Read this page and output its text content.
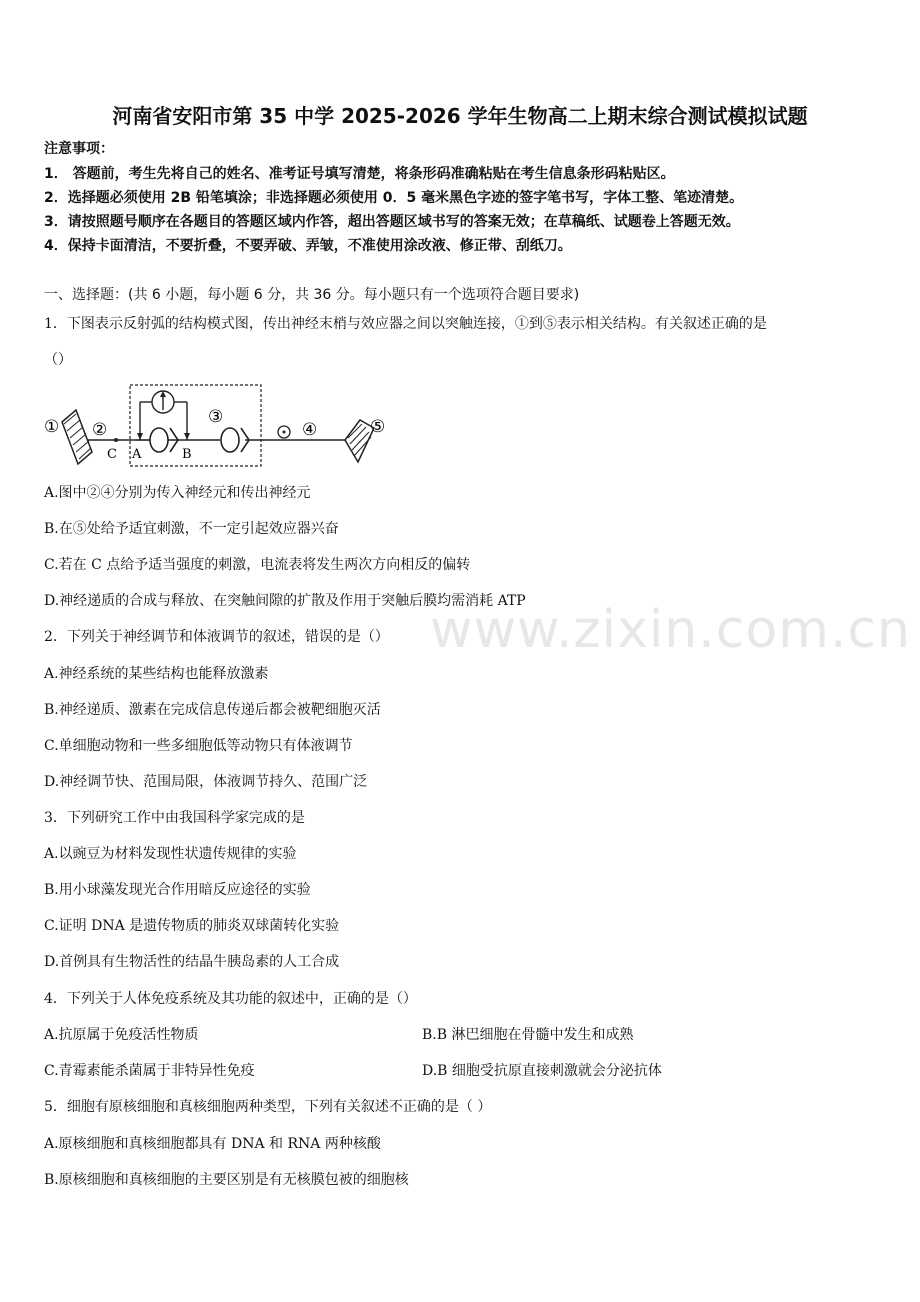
www.zixin.com.cn
河南省安阳市第 35 中学 2025-2026 学年生物高二上期末综合测试模拟试题
注意事项：
1． 答题前，考生先将自己的姓名、准考证号填写清楚，将条形码准确粘贴在考生信息条形码粘贴区。
2．选择题必须使用 2B 铅笔填涂；非选择题必须使用 0．5 毫米黑色字迹的签字笔书写，字体工整、笔迹清楚。
3．请按照题号顺序在各题目的答题区域内作答，超出答题区域书写的答案无效；在草稿纸、试题卷上答题无效。
4．保持卡面清洁，不要折叠，不要弄破、弄皱，不准使用涂改液、修正带、刮纸刀。
一、选择题：(共 6 小题，每小题 6 分，共 36 分。每小题只有一个选项符合题目要求)
1．下图表示反射弧的结构模式图，传出神经末梢与效应器之间以突触连接，①到⑤表示相关结构。有关叙述正确的是
（）
① ②
③
④	⑤
C A	B
A.图中②④分别为传入神经元和传出神经元
B.在⑤处给予适宜刺激，不一定引起效应器兴奋
C.若在 C 点给予适当强度的刺激，电流表将发生两次方向相反的偏转
D.神经递质的合成与释放、在突触间隙的扩散及作用于突触后膜均需消耗 ATP
2．下列关于神经调节和体液调节的叙述，错误的是（）
A.神经系统的某些结构也能释放激素
B.神经递质、激素在完成信息传递后都会被靶细胞灭活
C.单细胞动物和一些多细胞低等动物只有体液调节
D.神经调节快、范围局限，体液调节持久、范围广泛
3．下列研究工作中由我国科学家完成的是
A.以豌豆为材料发现性状遗传规律的实验
B.用小球藻发现光合作用暗反应途径的实验
C.证明 DNA 是遗传物质的肺炎双球菌转化实验
D.首例具有生物活性的结晶牛胰岛素的人工合成
4．下列关于人体免疫系统及其功能的叙述中，正确的是（）
A.抗原属于免疫活性物质	B.B 淋巴细胞在骨髓中发生和成熟
C.青霉素能杀菌属于非特异性免疫	D.B 细胞受抗原直接刺激就会分泌抗体
5．细胞有原核细胞和真核细胞两种类型，下列有关叙述不正确的是（ ）
A.原核细胞和真核细胞都具有 DNA 和 RNA 两种核酸
B.原核细胞和真核细胞的主要区别是有无核膜包被的细胞核
